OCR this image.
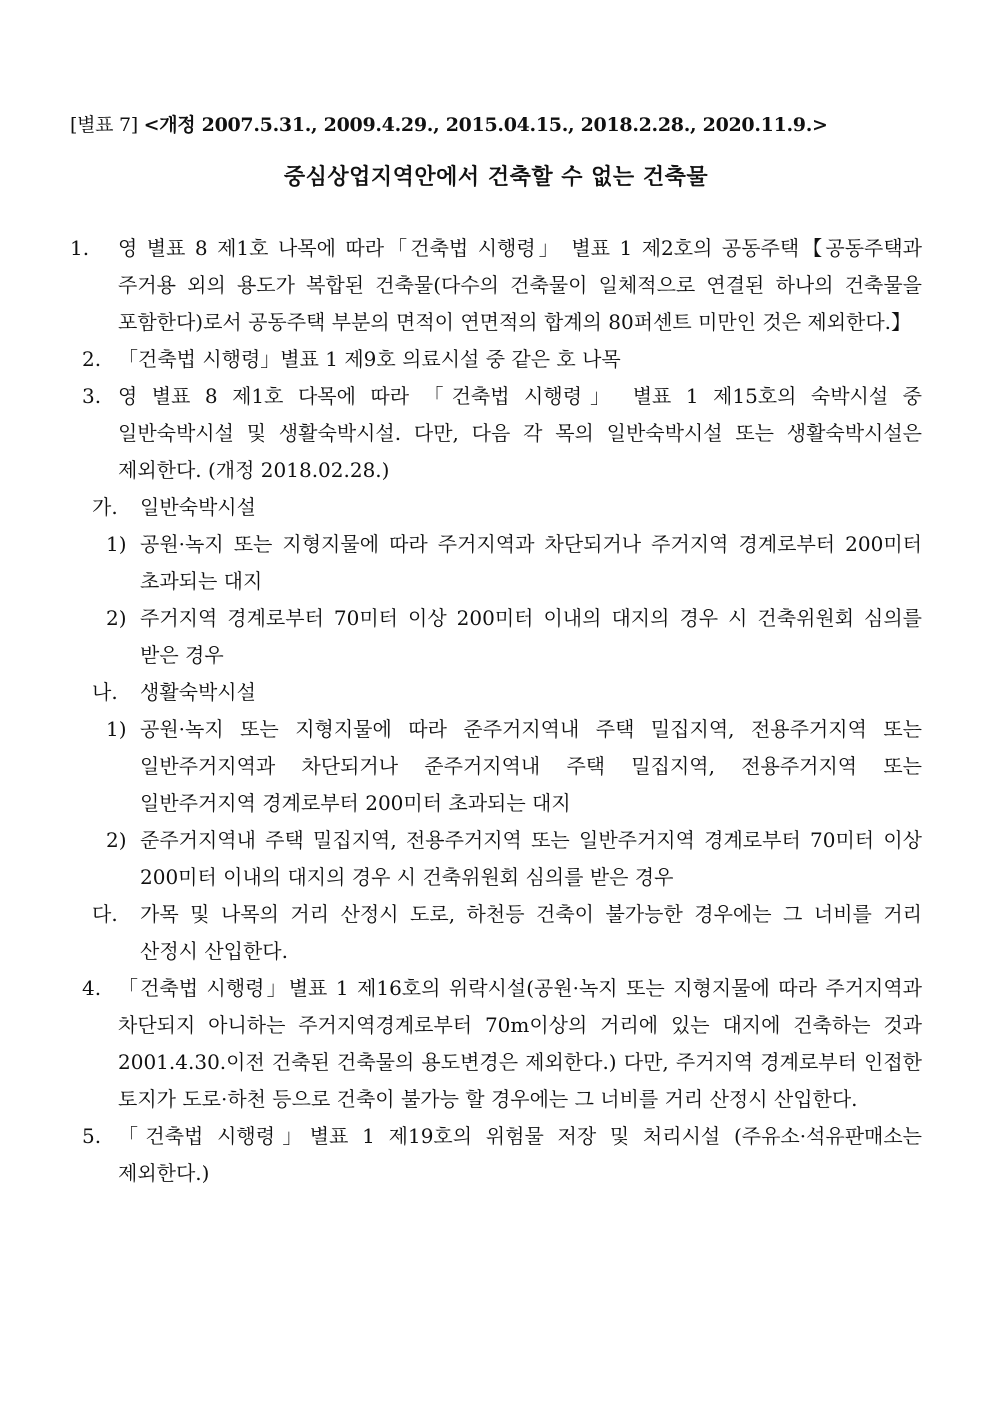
[별표 7] <개정 2007.5.31., 2009.4.29., 2015.04.15., 2018.2.28., 2020.11.9.>
중심상업지역안에서 건축할 수 없는 건축물
1. 영 별표 8 제1호 나목에 따라「건축법 시행령」 별표 1 제2호의 공동주택【공동주택과 주거용 외의 용도가 복합된 건축물(다수의 건축물이 일체적으로 연결된 하나의 건축물을 포함한다)로서 공동주택 부분의 면적이 연면적의 합계의 80퍼센트 미만인 것은 제외한다.】
2. 「건축법 시행령」별표 1 제9호 의료시설 중 같은 호 나목
3. 영 별표 8 제1호 다목에 따라 「건축법 시행령」 별표 1 제15호의 숙박시설 중 일반숙박시설 및 생활숙박시설. 다만, 다음 각 목의 일반숙박시설 또는 생활숙박시설은 제외한다. (개정 2018.02.28.)
가. 일반숙박시설
1) 공원·녹지 또는 지형지물에 따라 주거지역과 차단되거나 주거지역 경계로부터 200미터 초과되는 대지
2) 주거지역 경계로부터 70미터 이상 200미터 이내의 대지의 경우 시 건축위원회 심의를 받은 경우
나. 생활숙박시설
1) 공원·녹지 또는 지형지물에 따라 준주거지역내 주택 밀집지역, 전용주거지역 또는 일반주거지역과 차단되거나 준주거지역내 주택 밀집지역, 전용주거지역 또는 일반주거지역 경계로부터 200미터 초과되는 대지
2) 준주거지역내 주택 밀집지역, 전용주거지역 또는 일반주거지역 경계로부터 70미터 이상 200미터 이내의 대지의 경우 시 건축위원회 심의를 받은 경우
다. 가목 및 나목의 거리 산정시 도로, 하천등 건축이 불가능한 경우에는 그 너비를 거리 산정시 산입한다.
4. 「건축법 시행령」별표 1 제16호의 위락시설(공원·녹지 또는 지형지물에 따라 주거지역과 차단되지 아니하는 주거지역경계로부터 70m이상의 거리에 있는 대지에 건축하는 것과 2001.4.30.이전 건축된 건축물의 용도변경은 제외한다.) 다만, 주거지역 경계로부터 인접한 토지가 도로·하천 등으로 건축이 불가능 할 경우에는 그 너비를 거리 산정시 산입한다.
5. 「건축법 시행령」별표 1 제19호의 위험물 저장 및 처리시설 (주유소·석유판매소는 제외한다.)
